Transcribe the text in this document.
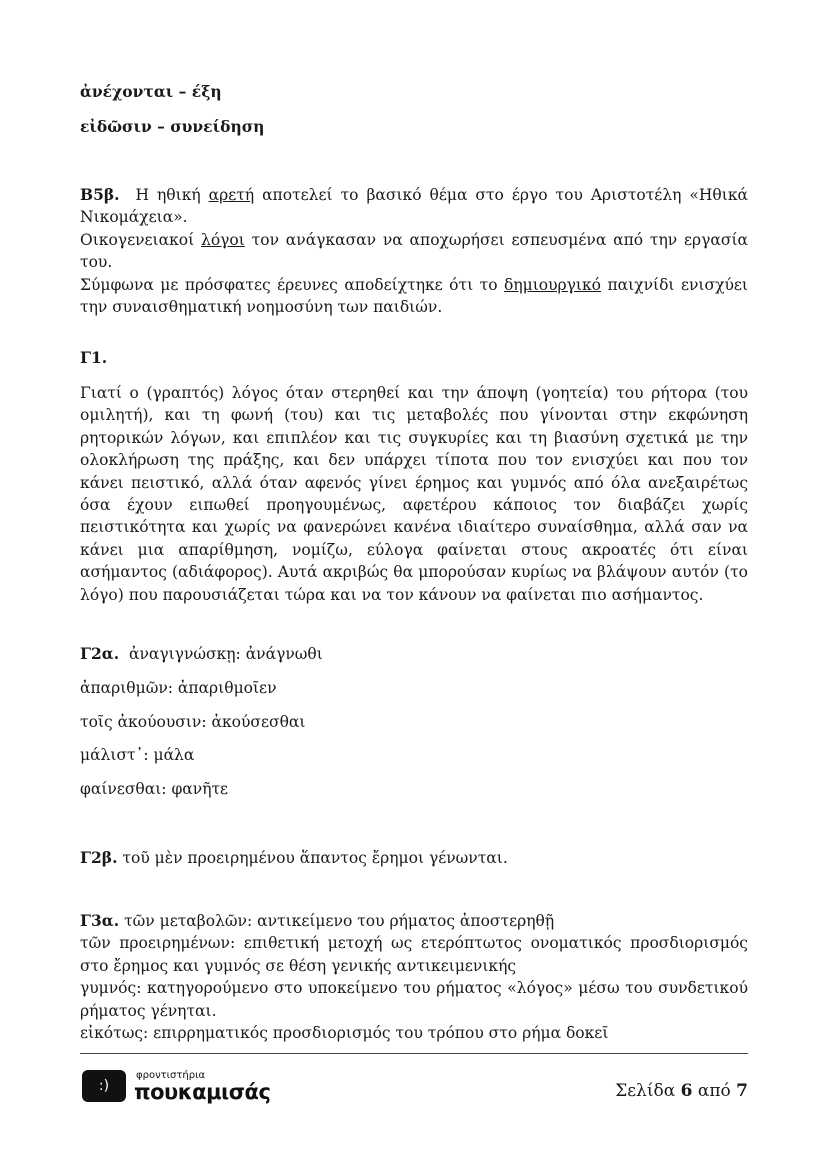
ἀνέχονται – έξη
εἰδῶσιν – συνείδηση

Β5β. Η ηθική αρετή αποτελεί το βασικό θέμα στο έργο του Αριστοτέλη «Ηθικά Νικομάχεια».

Οικογενειακοί λόγοι τον ανάγκασαν να αποχωρήσει εσπευσμένα από την εργασία του.

Σύμφωνα με πρόσφατες έρευνες αποδείχτηκε ότι το δημιουργικό παιχνίδι ενισχύει την συναισθηματική νοημοσύνη των παιδιών.

Γ1.
Γιατί ο (γραπτός) λόγος όταν στερηθεί και την άποψη (γοητεία) του ρήτορα (του ομιλητή), και τη φωνή (του) και τις μεταβολές που γίνονται στην εκφώνηση ρητορικών λόγων, και επιπλέον και τις συγκυρίες και τη βιασύνη σχετικά με την ολοκλήρωση της πράξης, και δεν υπάρχει τίποτα που τον ενισχύει και που τον κάνει πειστικό, αλλά όταν αφενός γίνει έρημος και γυμνός από όλα ανεξαιρέτως όσα έχουν ειπωθεί προηγουμένως, αφετέρου κάποιος τον διαβάζει χωρίς πειστικότητα και χωρίς να φανερώνει κανένα ιδιαίτερο συναίσθημα, αλλά σαν να κάνει μια απαρίθμηση, νομίζω, εύλογα φαίνεται στους ακροατές ότι είναι ασήμαντος (αδιάφορος). Αυτά ακριβώς θα μπορούσαν κυρίως να βλάψουν αυτόν (το λόγο) που παρουσιάζεται τώρα και να τον κάνουν να φαίνεται πιο ασήμαντος.
Γ2α. ἀναγιγνώσκῃ: ἀνάγνωθι
ἀπαριθμῶν: ἀπαριθμοῖεν
τοῖς ἀκούουσιν: ἀκούσεσθαι
μάλιστ᾽: μάλα
φαίνεσθαι: φανῆτε
Γ2β. τοῦ μὲν προειρημένου ἅπαντος ἔρημοι γένωνται.

Γ3α. τῶν μεταβολῶν: αντικείμενο του ρήματος ἀποστερηθῇ

τῶν προειρημένων: επιθετική μετοχή ως ετερόπτωτος ονοματικός προσδιορισμός στο ἔρημος και γυμνός σε θέση γενικής αντικειμενικής

γυμνός: κατηγορούμενο στο υποκείμενο του ρήματος «λόγος» μέσω του συνδετικού ρήματος γένηται.

εἰκότως: επιρρηματικός προσδιορισμός του τρόπου στο ρήμα δοκεῖ

:)
φροντιστήρια
πουκαμισάς	Σελίδα 6 από 7
